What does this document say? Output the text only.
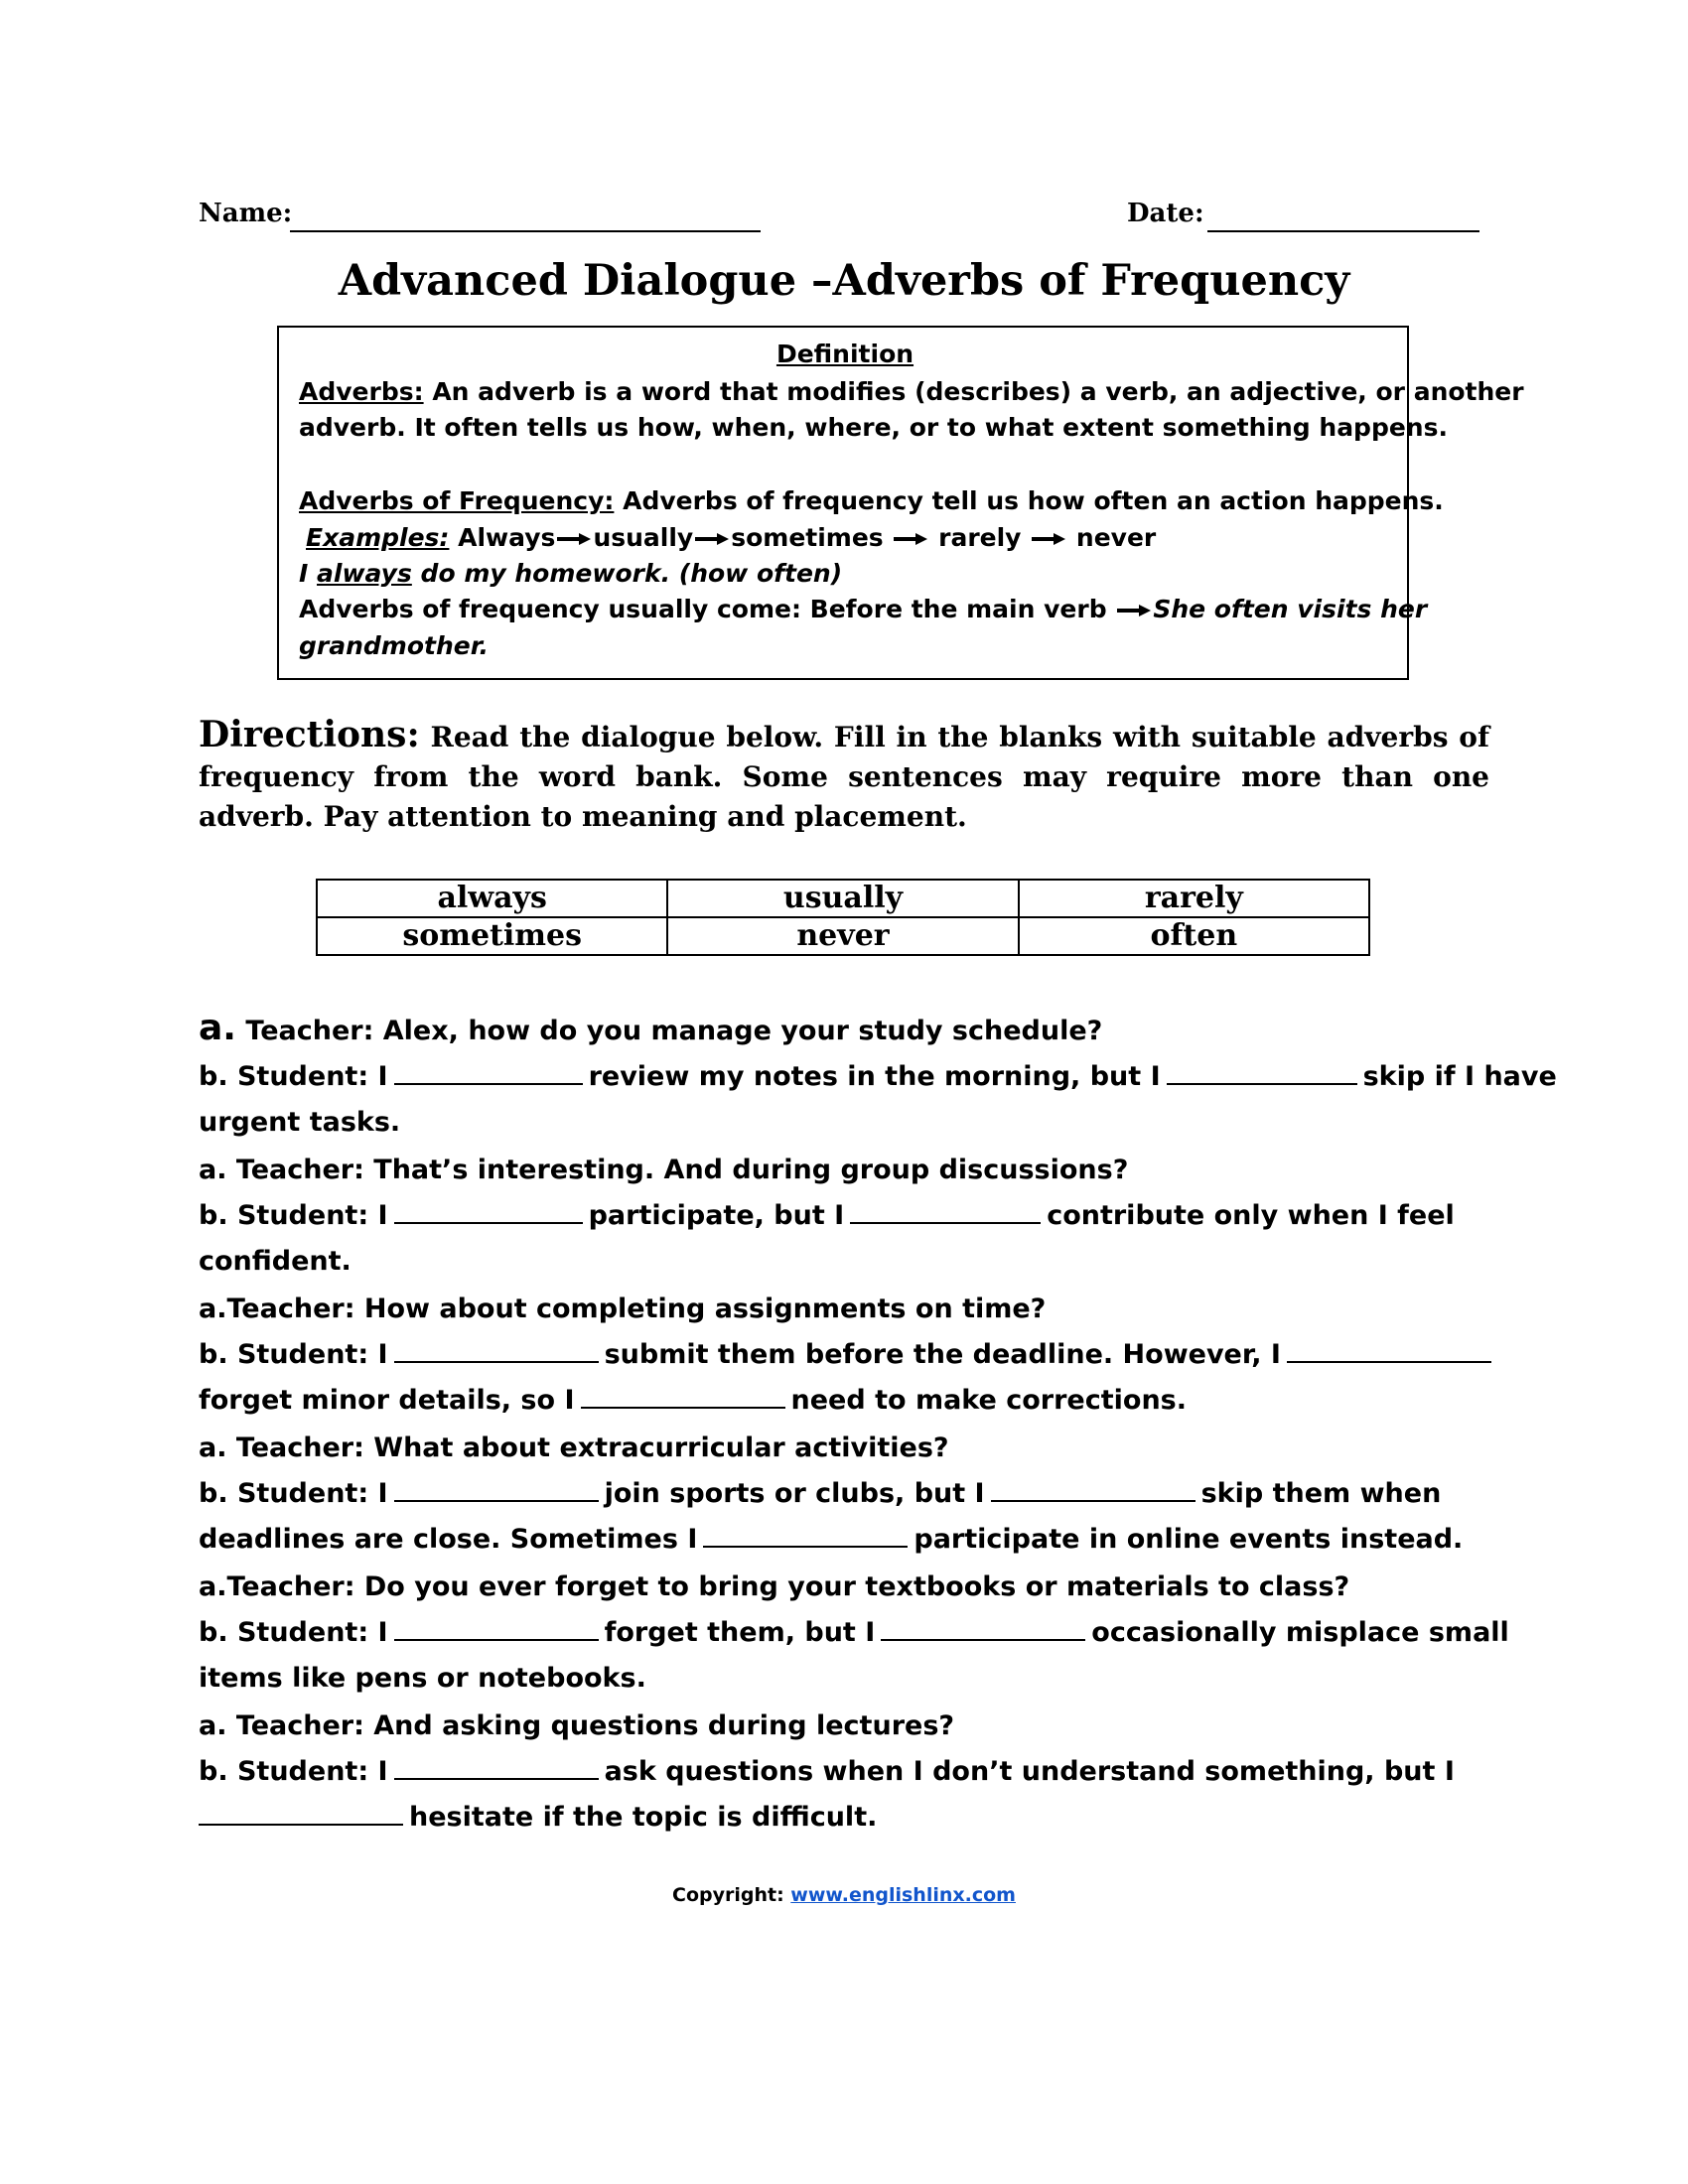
Name:	Date:
Advanced Dialogue –Adverbs of Frequency
Definition
Adverbs: An adverb is a word that modifies (describes) a verb, an adjective, or another
adverb. It often tells us how, when, where, or to what extent something happens.
Adverbs of Frequency: Adverbs of frequency tell us how often an action happens.
Examples: Always usually sometimes rarely never
I always do my homework. (how often)
Adverbs of frequency usually come: Before the main verb
She often visits her
grandmother.
Directions: Read the dialogue below. Fill in the blanks with suitable adverbs of frequency from the word bank. Some sentences may require more than one adverb. Pay attention to meaning and placement.
always	usually	rarely
sometimes	never	often
a. Teacher: Alex, how do you manage your study schedule?
b. Student: I	review my notes in the morning, but I	skip if I have
urgent tasks.
a. Teacher: That’s interesting. And during group discussions?
b. Student: I	participate, but I	contribute only when I feel
confident.
a.Teacher: How about completing assignments on time?
b. Student: I	submit them before the deadline. However, I
forget minor details, so I	need to make corrections.
a. Teacher: What about extracurricular activities?
b. Student: I	join sports or clubs, but I	skip them when
deadlines are close. Sometimes I	participate in online events instead.
a.Teacher: Do you ever forget to bring your textbooks or materials to class?
b. Student: I	forget them, but I	occasionally misplace small
items like pens or notebooks.
a. Teacher: And asking questions during lectures?
b. Student: I	ask questions when I don’t understand something, but I
hesitate if the topic is difficult.
Copyright: www.englishlinx.com
